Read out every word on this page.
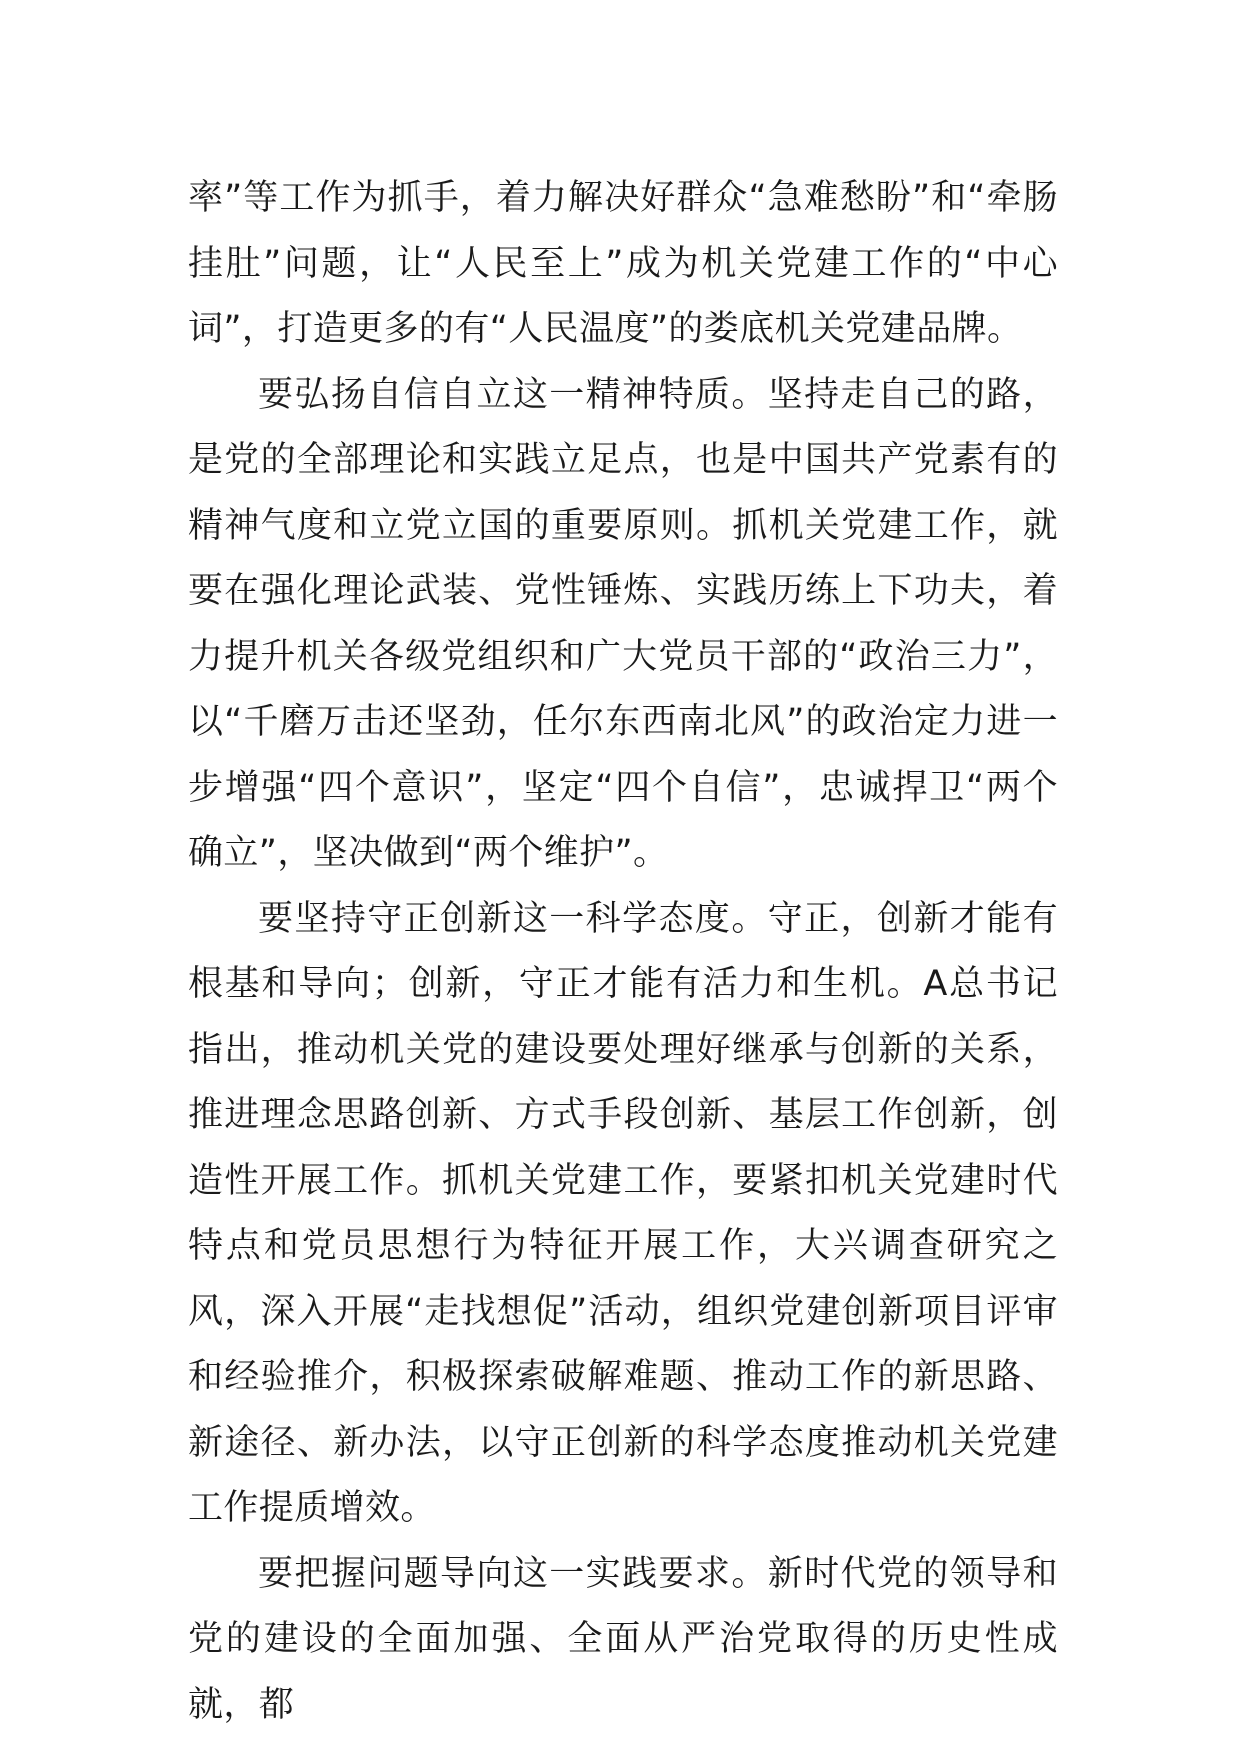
率”等工作为抓手，着力解决好群众“急难愁盼”和“牵肠挂肚”问题，让“人民至上”成为机关党建工作的“中心词”，打造更多的有“人民温度”的娄底机关党建品牌。

要弘扬自信自立这一精神特质。坚持走自己的路，是党的全部理论和实践立足点，也是中国共产党素有的精神气度和立党立国的重要原则。抓机关党建工作，就要在强化理论武装、党性锤炼、实践历练上下功夫，着力提升机关各级党组织和广大党员干部的“政治三力”，以“千磨万击还坚劲，任尔东西南北风”的政治定力进一步增强“四个意识”，坚定“四个自信”，忠诚捍卫“两个确立”，坚决做到“两个维护”。

要坚持守正创新这一科学态度。守正，创新才能有根基和导向；创新，守正才能有活力和生机。A总书记指出，推动机关党的建设要处理好继承与创新的关系，推进理念思路创新、方式手段创新、基层工作创新，创造性开展工作。抓机关党建工作，要紧扣机关党建时代特点和党员思想行为特征开展工作，大兴调查研究之风，深入开展“走找想促”活动，组织党建创新项目评审和经验推介，积极探索破解难题、推动工作的新思路、新途径、新办法，以守正创新的科学态度推动机关党建工作提质增效。

要把握问题导向这一实践要求。新时代党的领导和党的建设的全面加强、全面从严治党取得的历史性成就，都
